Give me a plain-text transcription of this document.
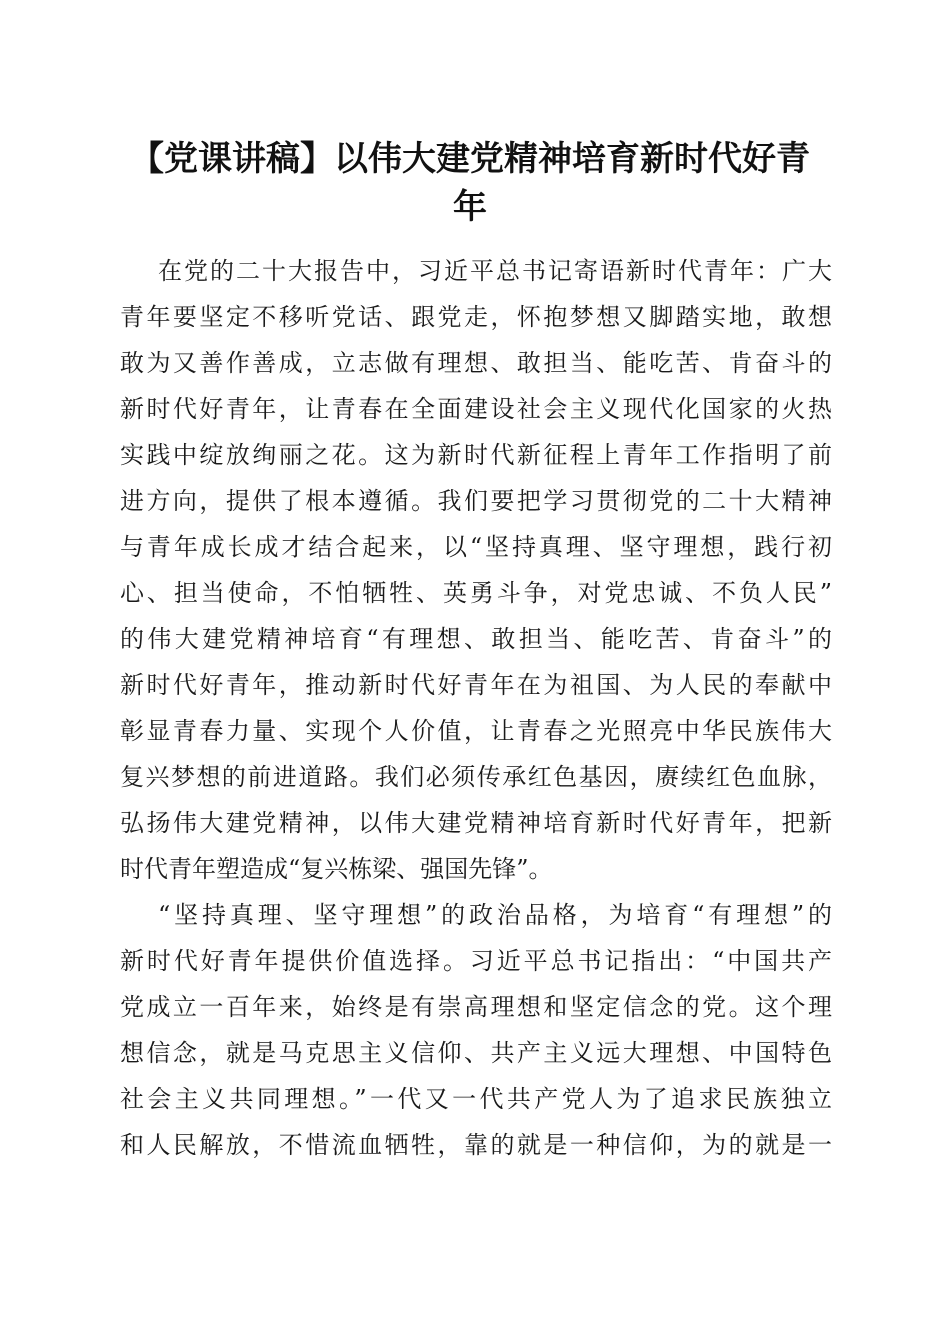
【党课讲稿】以伟大建党精神培育新时代好青
年
在党的二十大报告中，习近平总书记寄语新时代青年：广大
青年要坚定不移听党话、跟党走，怀抱梦想又脚踏实地，敢想
敢为又善作善成，立志做有理想、敢担当、能吃苦、肯奋斗的
新时代好青年，让青春在全面建设社会主义现代化国家的火热
实践中绽放绚丽之花。这为新时代新征程上青年工作指明了前
进方向，提供了根本遵循。我们要把学习贯彻党的二十大精神
与青年成长成才结合起来，以“坚持真理、坚守理想，践行初
心、担当使命，不怕牺牲、英勇斗争，对党忠诚、不负人民”
的伟大建党精神培育“有理想、敢担当、能吃苦、肯奋斗”的
新时代好青年，推动新时代好青年在为祖国、为人民的奉献中
彰显青春力量、实现个人价值，让青春之光照亮中华民族伟大
复兴梦想的前进道路。我们必须传承红色基因，赓续红色血脉，
弘扬伟大建党精神，以伟大建党精神培育新时代好青年，把新
时代青年塑造成“复兴栋梁、强国先锋”。
“坚持真理、坚守理想”的政治品格，为培育“有理想”的
新时代好青年提供价值选择。习近平总书记指出：“中国共产
党成立一百年来，始终是有崇高理想和坚定信念的党。这个理
想信念，就是马克思主义信仰、共产主义远大理想、中国特色
社会主义共同理想。”一代又一代共产党人为了追求民族独立
和人民解放，不惜流血牺牲，靠的就是一种信仰，为的就是一
